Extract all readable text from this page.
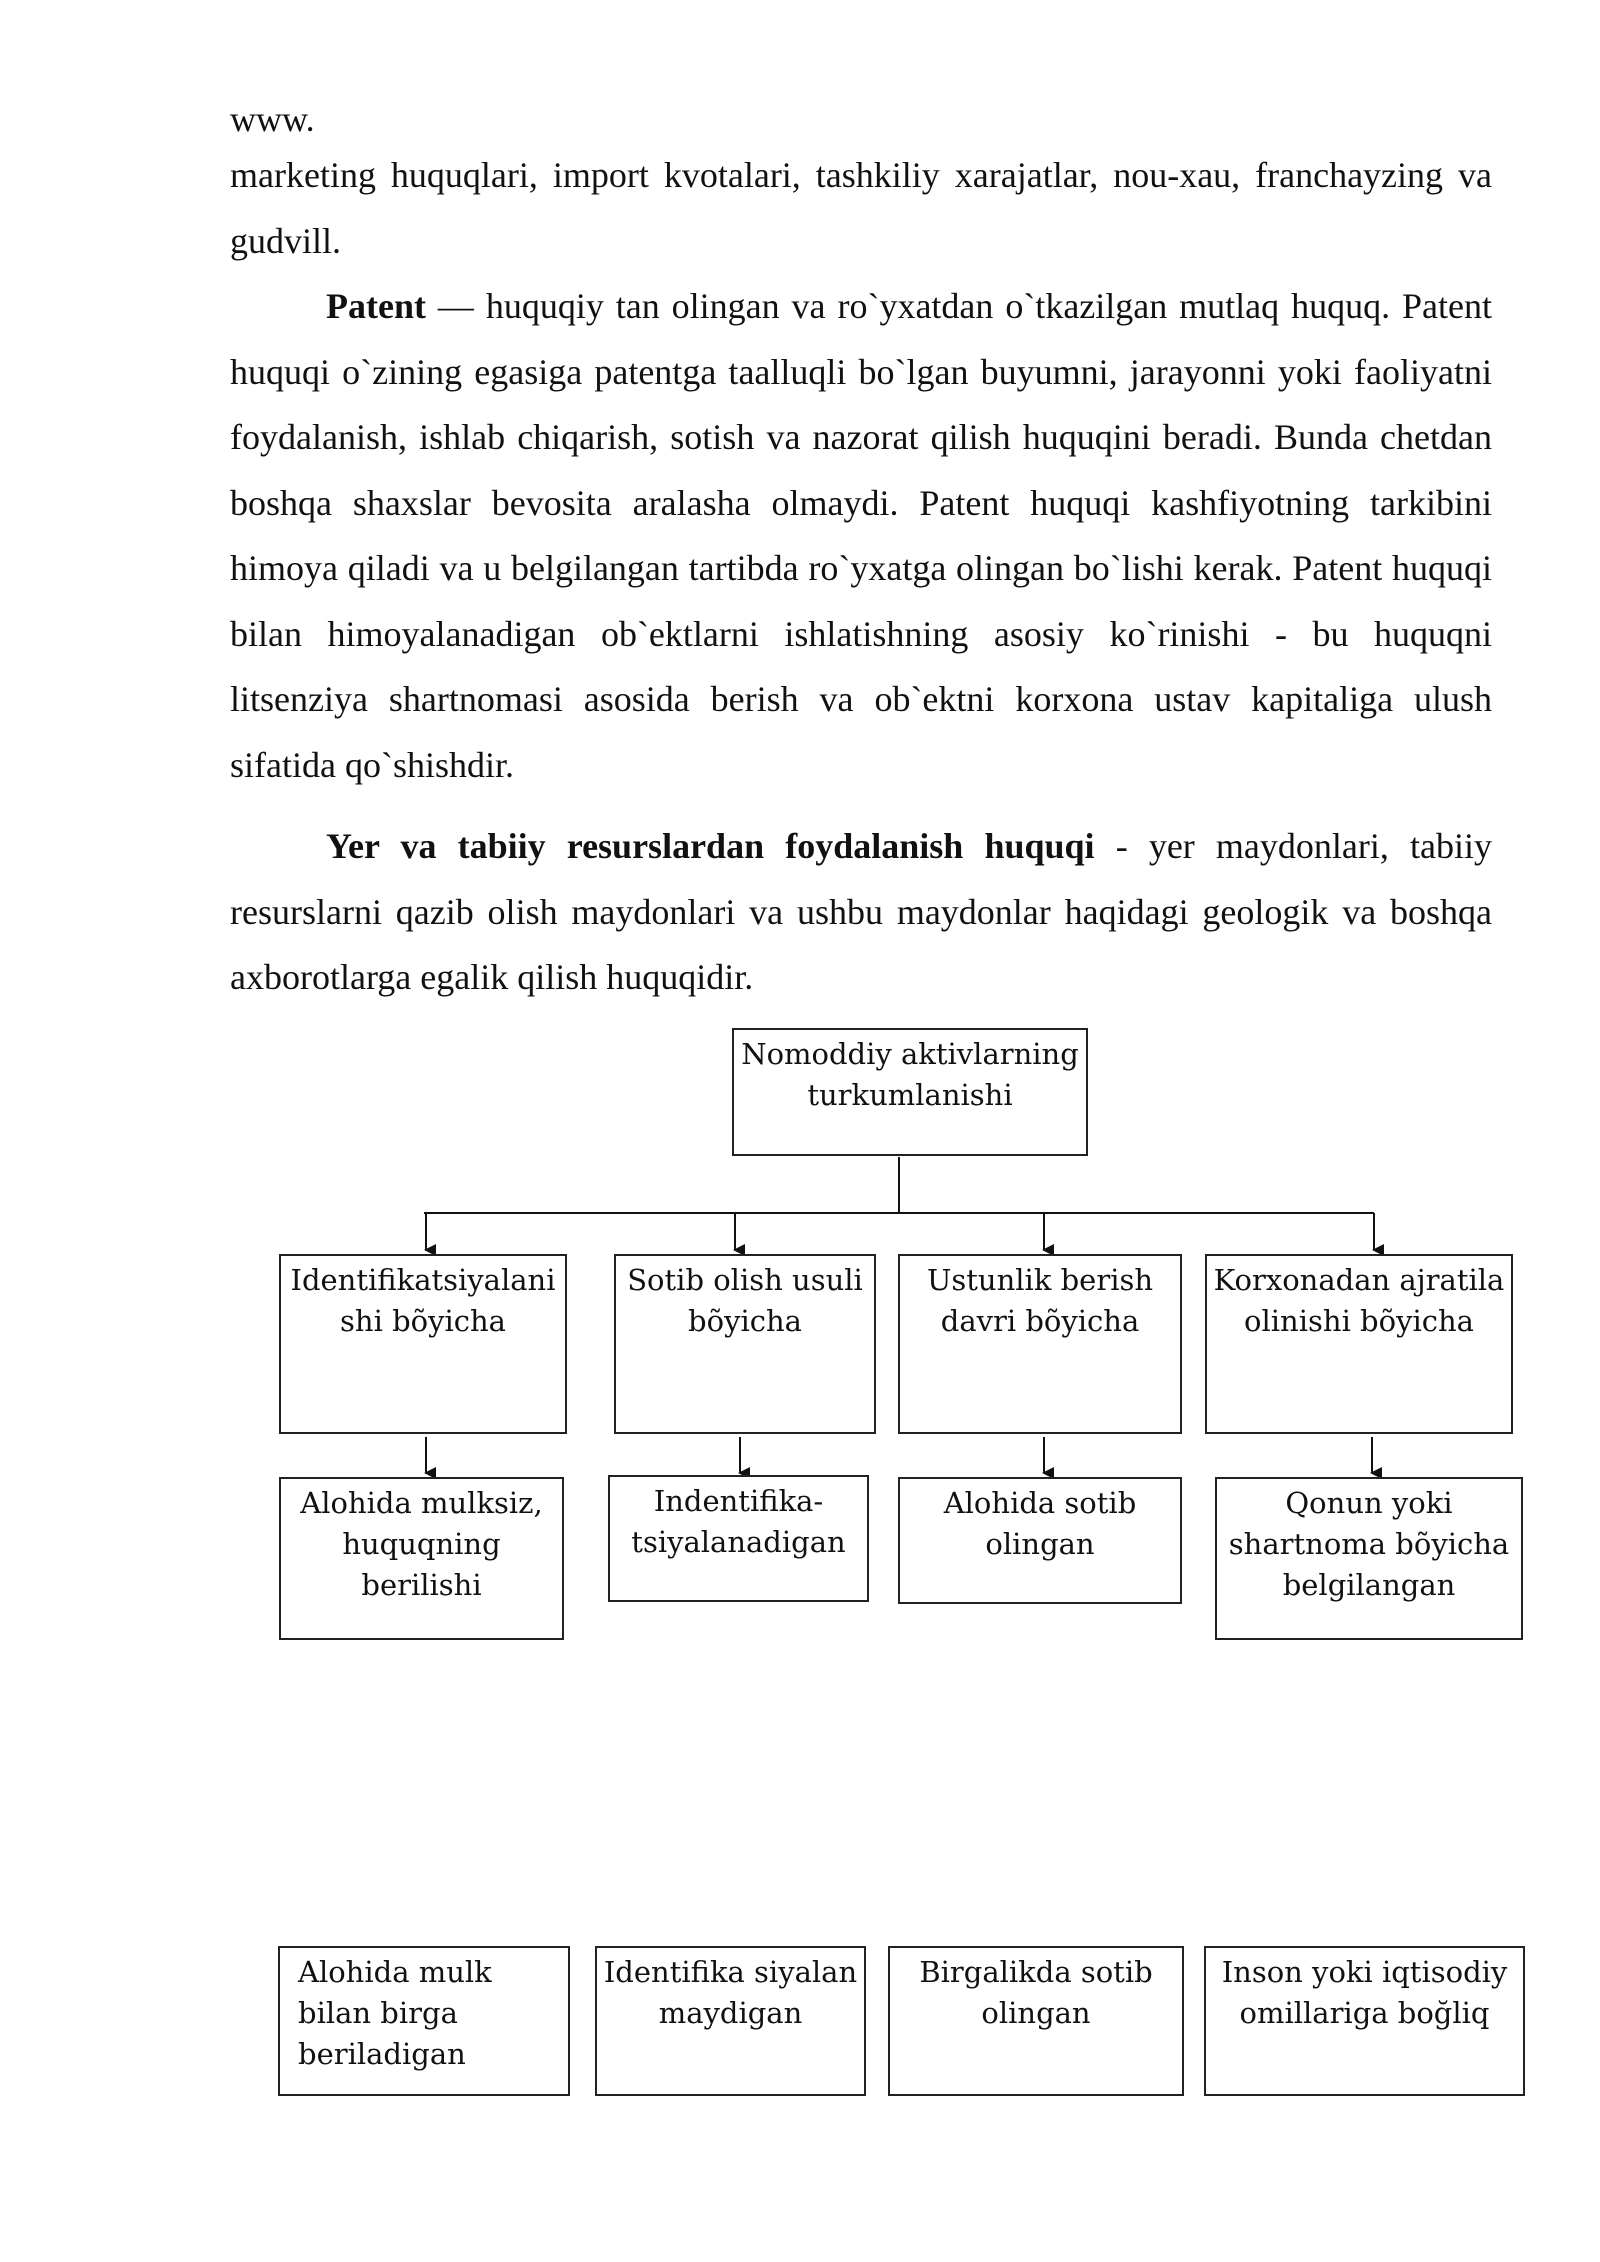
www.
marketing huquqlari, import kvotalari, tashkiliy xarajatlar, nou-xau, franchayzing va gudvill.
Patent — huquqiy tan olingan va ro`yxatdan o`tkazilgan mutlaq huquq. Patent huquqi o`zining egasiga patentga taalluqli bo`lgan buyumni, jarayonni yoki faoliyatni foydalanish, ishlab chiqarish, sotish va nazorat qilish huquqini beradi. Bunda chetdan boshqa shaxslar bevosita aralasha olmaydi. Patent huquqi kashfiyotning tarkibini himoya qiladi va u belgilangan tartibda ro`yxatga olingan bo`lishi kerak. Patent huquqi bilan himoyalanadigan ob`ektlarni ishlatishning asosiy ko`rinishi - bu huquqni litsenziya shartnomasi asosida berish va ob`ektni korxona ustav kapitaliga ulush sifatida qo`shishdir.
Yer va tabiiy resurslardan foydalanish huquqi - yer maydonlari, tabiiy resurslarni qazib olish maydonlari va ushbu maydonlar haqidagi geologik va boshqa axborotlarga egalik qilish huquqidir.
Nomoddiy aktivlarning turkumlanishi
Identifikatsiyalanishi bõyicha
Sotib olish usuli bõyicha
Ustunlik berish davri bõyicha
Korxonadan ajratila olinishi bõyicha
Alohida mulksiz, huquqning berilishi
Indentifika-tsiyalanadigan
Alohida sotib olingan
Qonun yoki shartnoma bõyicha belgilangan
Alohida mulk bilan birga beriladigan
Identifika siyalanmaydigan
Birgalikda sotib olingan
Inson yoki iqtisodiy omillariga boğliq
